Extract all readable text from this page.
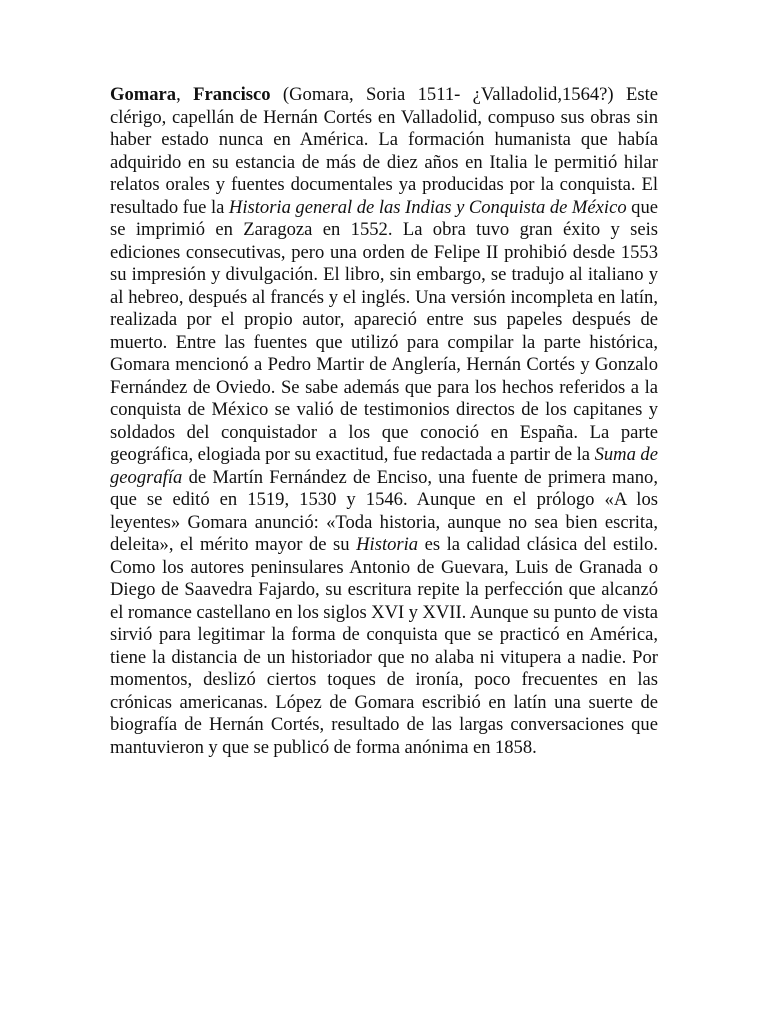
Gomara, Francisco (Gomara, Soria 1511- ¿Valladolid,1564?) Este clérigo, capellán de Hernán Cortés en Valladolid, compuso sus obras sin haber estado nunca en América. La formación humanista que había adquirido en su estancia de más de diez años en Italia le permitió hilar relatos orales y fuentes documentales ya producidas por la conquista. El resultado fue la Historia general de las Indias y Conquista de México que se imprimió en Zaragoza en 1552. La obra tuvo gran éxito y seis ediciones consecutivas, pero una orden de Felipe II prohibió desde 1553 su impresión y divulgación. El libro, sin embargo, se tradujo al italiano y al hebreo, después al francés y el inglés. Una versión incompleta en latín, realizada por el propio autor, apareció entre sus papeles después de muerto. Entre las fuentes que utilizó para compilar la parte histórica, Gomara mencionó a Pedro Martir de Anglería, Hernán Cortés y Gonzalo Fernández de Oviedo. Se sabe además que para los hechos referidos a la conquista de México se valió de testimonios directos de los capitanes y soldados del conquistador a los que conoció en España. La parte geográfica, elogiada por su exactitud, fue redactada a partir de la Suma de geografía de Martín Fernández de Enciso, una fuente de primera mano, que se editó en 1519, 1530 y 1546. Aunque en el prólogo «A los leyentes» Gomara anunció: «Toda historia, aunque no sea bien escrita, deleita», el mérito mayor de su Historia es la calidad clásica del estilo. Como los autores peninsulares Antonio de Guevara, Luis de Granada o Diego de Saavedra Fajardo, su escritura repite la perfección que alcanzó el romance castellano en los siglos XVI y XVII. Aunque su punto de vista sirvió para legitimar la forma de conquista que se practicó en América, tiene la distancia de un historiador que no alaba ni vitupera a nadie. Por momentos, deslizó ciertos toques de ironía, poco frecuentes en las crónicas americanas. López de Gomara escribió en latín una suerte de biografía de Hernán Cortés, resultado de las largas conversaciones que mantuvieron y que se publicó de forma anónima en 1858.
